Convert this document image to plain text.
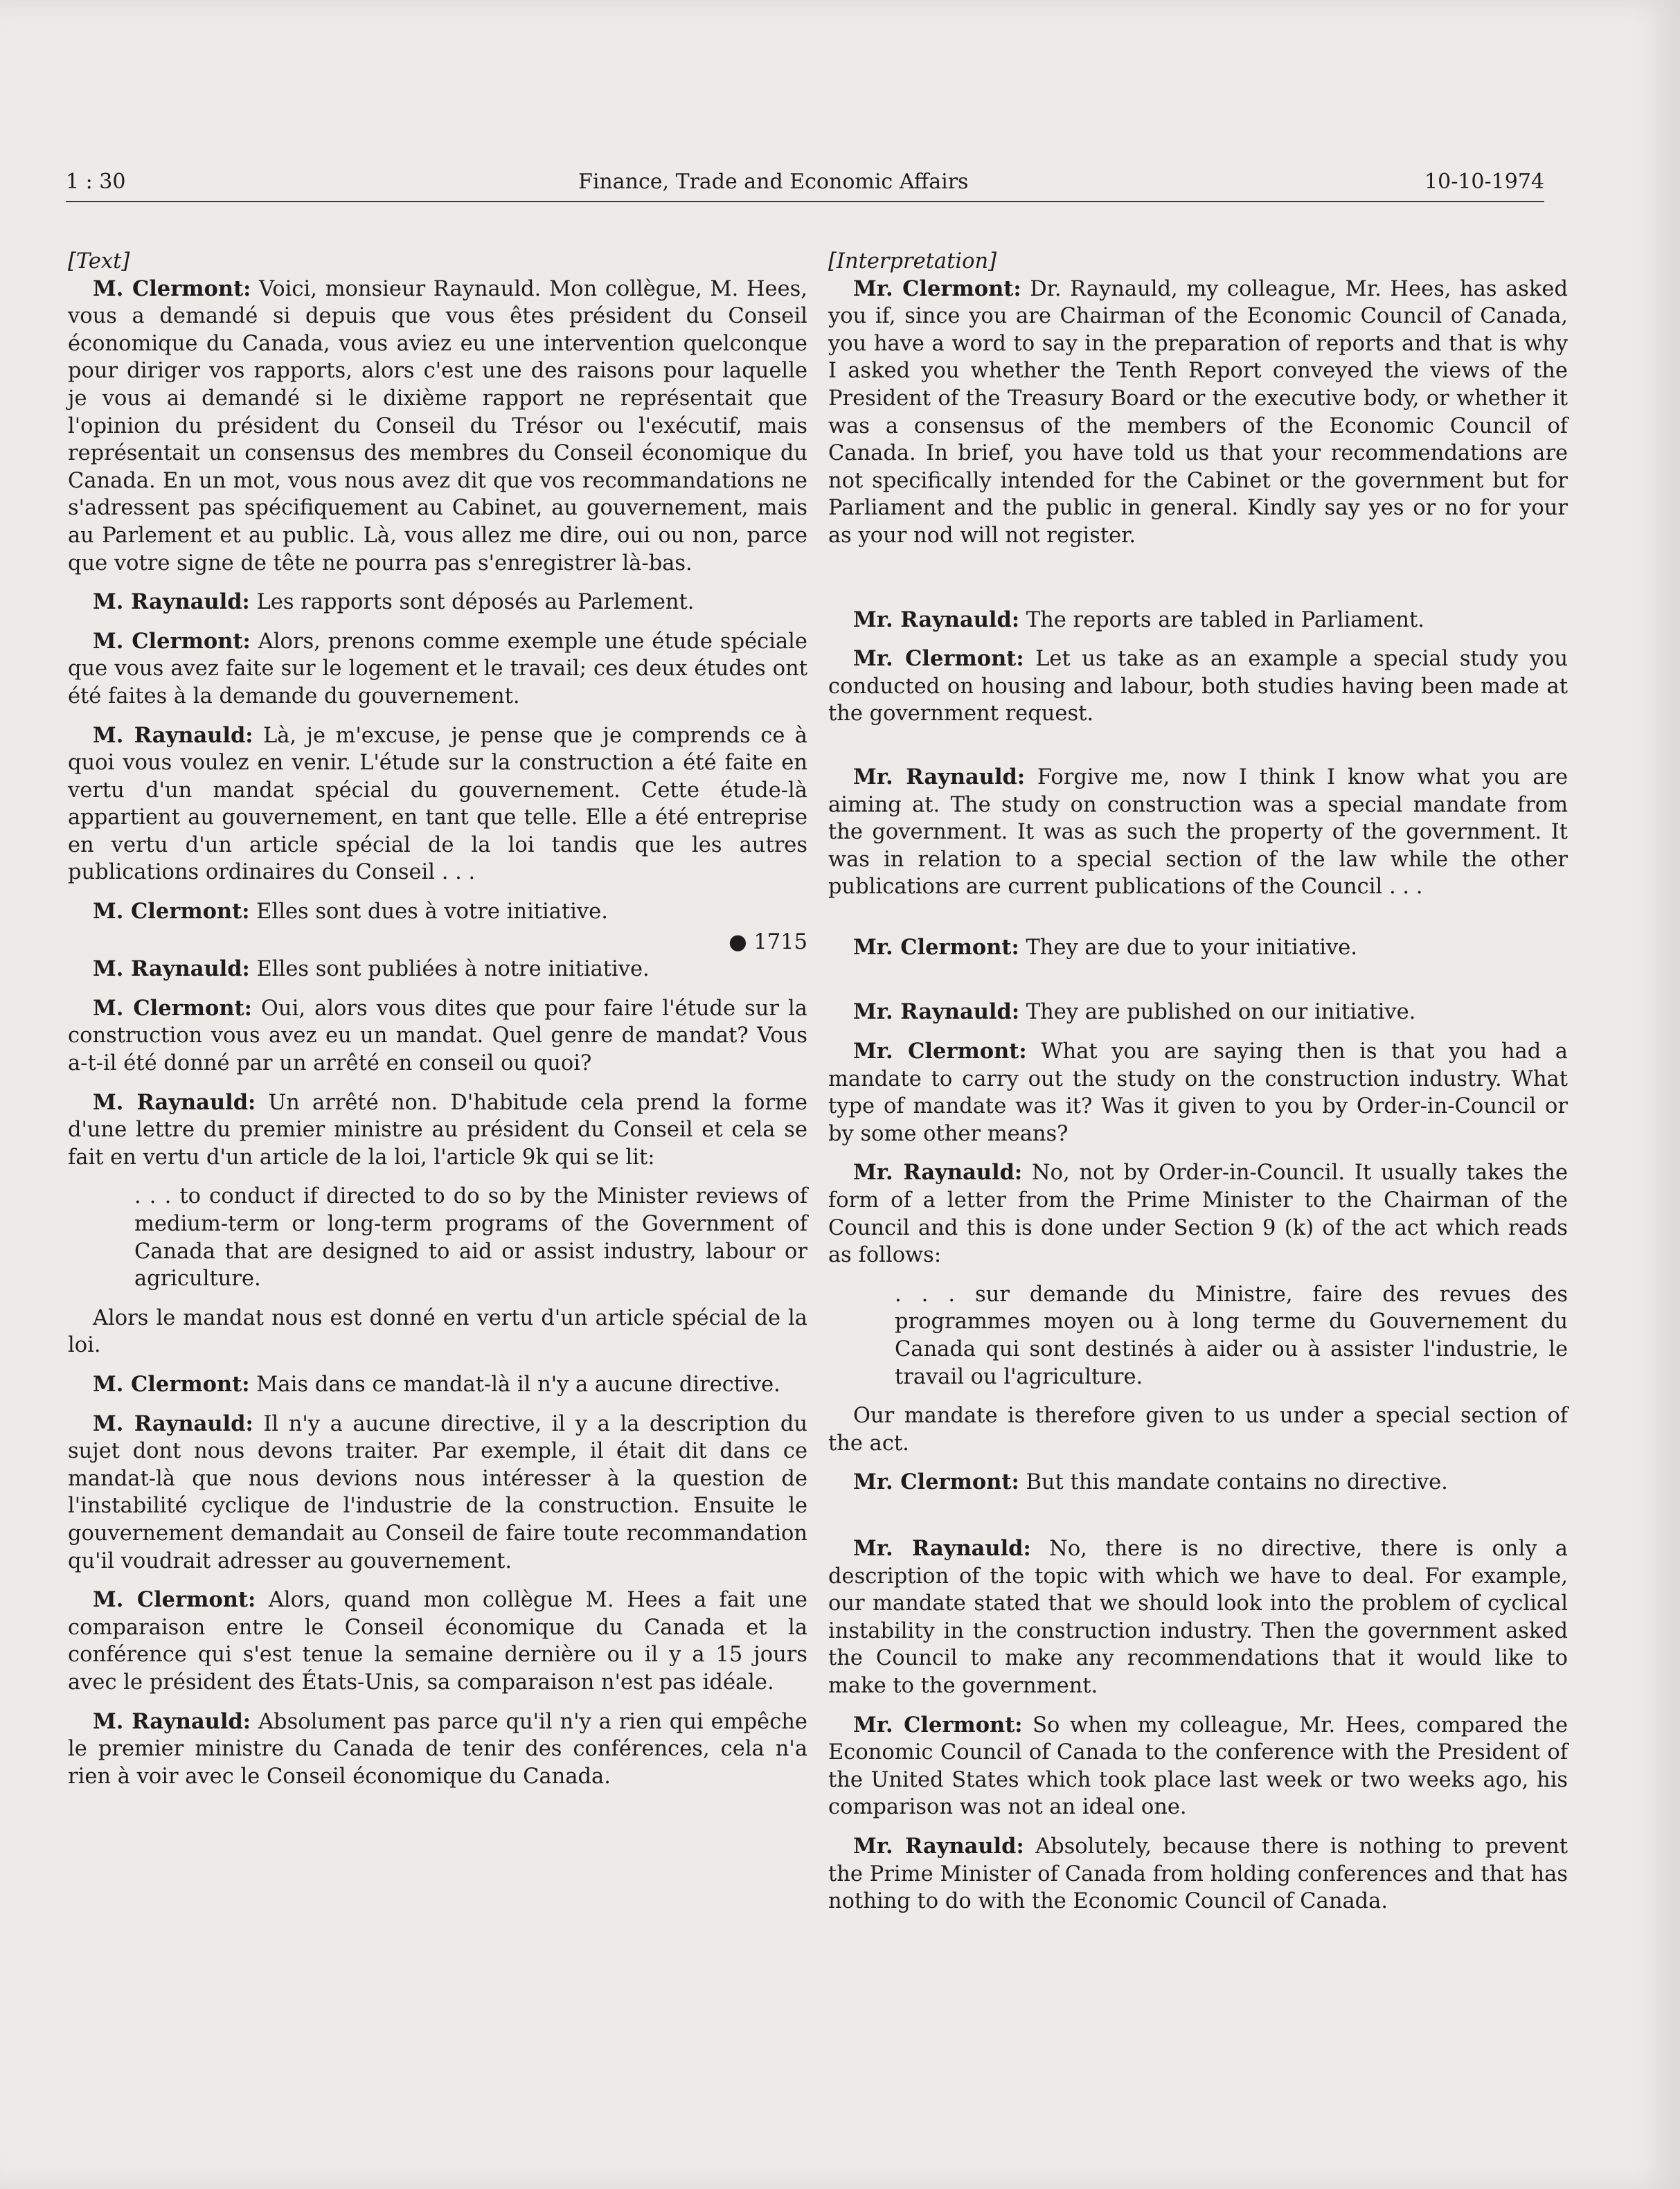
1 : 30	Finance, Trade and Economic Affairs	10-10-1974

[Text]

M. Clermont: Voici, monsieur Raynauld. Mon collègue, M. Hees, vous a demandé si depuis que vous êtes président du Conseil économique du Canada, vous aviez eu une intervention quelconque pour diriger vos rapports, alors c'est une des raisons pour laquelle je vous ai demandé si le dixième rapport ne représentait que l'opinion du président du Conseil du Trésor ou l'exécutif, mais représentait un consensus des membres du Conseil économique du Canada. En un mot, vous nous avez dit que vos recommandations ne s'adressent pas spécifiquement au Cabinet, au gouvernement, mais au Parlement et au public. Là, vous allez me dire, oui ou non, parce que votre signe de tête ne pourra pas s'enregistrer là-bas.

M. Raynauld: Les rapports sont déposés au Parlement.

M. Clermont: Alors, prenons comme exemple une étude spéciale que vous avez faite sur le logement et le travail; ces deux études ont été faites à la demande du gouvernement.

M. Raynauld: Là, je m'excuse, je pense que je comprends ce à quoi vous voulez en venir. L'étude sur la construction a été faite en vertu d'un mandat spécial du gouvernement. Cette étude-là appartient au gouvernement, en tant que telle. Elle a été entreprise en vertu d'un article spécial de la loi tandis que les autres publications ordinaires du Conseil . . .

M. Clermont: Elles sont dues à votre initiative.

● 1715

M. Raynauld: Elles sont publiées à notre initiative.

M. Clermont: Oui, alors vous dites que pour faire l'étude sur la construction vous avez eu un mandat. Quel genre de mandat? Vous a-t-il été donné par un arrêté en conseil ou quoi?

M. Raynauld: Un arrêté non. D'habitude cela prend la forme d'une lettre du premier ministre au président du Conseil et cela se fait en vertu d'un article de la loi, l'article 9k qui se lit:

. . . to conduct if directed to do so by the Minister reviews of medium-term or long-term programs of the Government of Canada that are designed to aid or assist industry, labour or agriculture.

Alors le mandat nous est donné en vertu d'un article spécial de la loi.

M. Clermont: Mais dans ce mandat-là il n'y a aucune directive.

M. Raynauld: Il n'y a aucune directive, il y a la description du sujet dont nous devons traiter. Par exemple, il était dit dans ce mandat-là que nous devions nous intéresser à la question de l'instabilité cyclique de l'industrie de la construction. Ensuite le gouvernement demandait au Conseil de faire toute recommandation qu'il voudrait adresser au gouvernement.

M. Clermont: Alors, quand mon collègue M. Hees a fait une comparaison entre le Conseil économique du Canada et la conférence qui s'est tenue la semaine dernière ou il y a 15 jours avec le président des États-Unis, sa comparaison n'est pas idéale.

M. Raynauld: Absolument pas parce qu'il n'y a rien qui empêche le premier ministre du Canada de tenir des conférences, cela n'a rien à voir avec le Conseil économique du Canada.

[Interpretation]

Mr. Clermont: Dr. Raynauld, my colleague, Mr. Hees, has asked you if, since you are Chairman of the Economic Council of Canada, you have a word to say in the preparation of reports and that is why I asked you whether the Tenth Report conveyed the views of the President of the Treasury Board or the executive body, or whether it was a consensus of the members of the Economic Council of Canada. In brief, you have told us that your recommendations are not specifically intended for the Cabinet or the government but for Parliament and the public in general. Kindly say yes or no for your as your nod will not register.

Mr. Raynauld: The reports are tabled in Parliament.

Mr. Clermont: Let us take as an example a special study you conducted on housing and labour, both studies having been made at the government request.

Mr. Raynauld: Forgive me, now I think I know what you are aiming at. The study on construction was a special mandate from the government. It was as such the property of the government. It was in relation to a special section of the law while the other publications are current publications of the Council . . .

Mr. Clermont: They are due to your initiative.

Mr. Raynauld: They are published on our initiative.

Mr. Clermont: What you are saying then is that you had a mandate to carry out the study on the construction industry. What type of mandate was it? Was it given to you by Order-in-Council or by some other means?

Mr. Raynauld: No, not by Order-in-Council. It usually takes the form of a letter from the Prime Minister to the Chairman of the Council and this is done under Section 9 (k) of the act which reads as follows:

. . . sur demande du Ministre, faire des revues des programmes moyen ou à long terme du Gouvernement du Canada qui sont destinés à aider ou à assister l'industrie, le travail ou l'agriculture.

Our mandate is therefore given to us under a special section of the act.

Mr. Clermont: But this mandate contains no directive.

Mr. Raynauld: No, there is no directive, there is only a description of the topic with which we have to deal. For example, our mandate stated that we should look into the problem of cyclical instability in the construction industry. Then the government asked the Council to make any recommendations that it would like to make to the government.

Mr. Clermont: So when my colleague, Mr. Hees, compared the Economic Council of Canada to the conference with the President of the United States which took place last week or two weeks ago, his comparison was not an ideal one.

Mr. Raynauld: Absolutely, because there is nothing to prevent the Prime Minister of Canada from holding conferences and that has nothing to do with the Economic Council of Canada.
